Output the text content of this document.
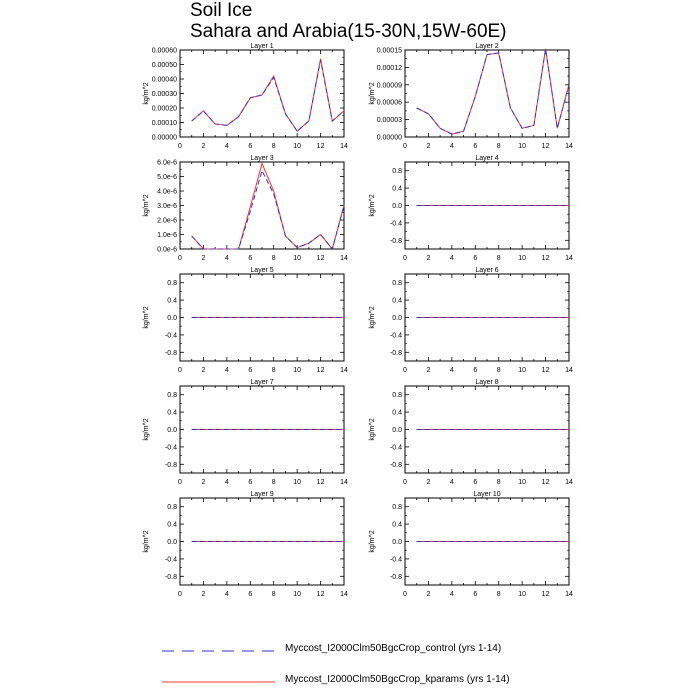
Soil Ice
Sahara and Arabia(15-30N,15W-60E)
Layer 1
0	2	4	6	8	10 12 14
0.00000
0.00010
0.00020
0.00030
0.00040
0.00050
0.00060
kg/m^2
Layer 2
0	2	4	6	8	10 12 14
0.00000
0.00003
0.00006
0.00009
0.00012
0.00015
kg/m^2
Layer 3
0	2	4	6	8	10 12 14
0.0e-6
1.0e-6
2.0e-6
3.0e-6
4.0e-6
5.0e-6
6.0e-6
kg/m^2
Layer 4
0	2	4	6	8	10 12 14
-0.8
-0.4
0.0
0.4
0.8
kg/m^2
Layer 5
0	2	4	6	8	10 12 14
-0.8
-0.4
0.0
0.4
0.8
kg/m^2
Layer 6
0	2	4	6	8	10 12 14
-0.8
-0.4
0.0
0.4
0.8
kg/m^2
Layer 7
0	2	4	6	8	10 12 14
-0.8
-0.4
0.0
0.4
0.8
kg/m^2
Layer 8
0	2	4	6	8	10 12 14
-0.8
-0.4
0.0
0.4
0.8
kg/m^2
Layer 9
0	2	4	6	8	10 12 14
-0.8
-0.4
0.0
0.4
0.8
kg/m^2
Layer 10
0	2	4	6	8	10 12 14
-0.8
-0.4
0.0
0.4
0.8
kg/m^2
Myccost_I2000Clm50BgcCrop_control (yrs 1-14)
Myccost_I2000Clm50BgcCrop_kparams (yrs 1-14)
